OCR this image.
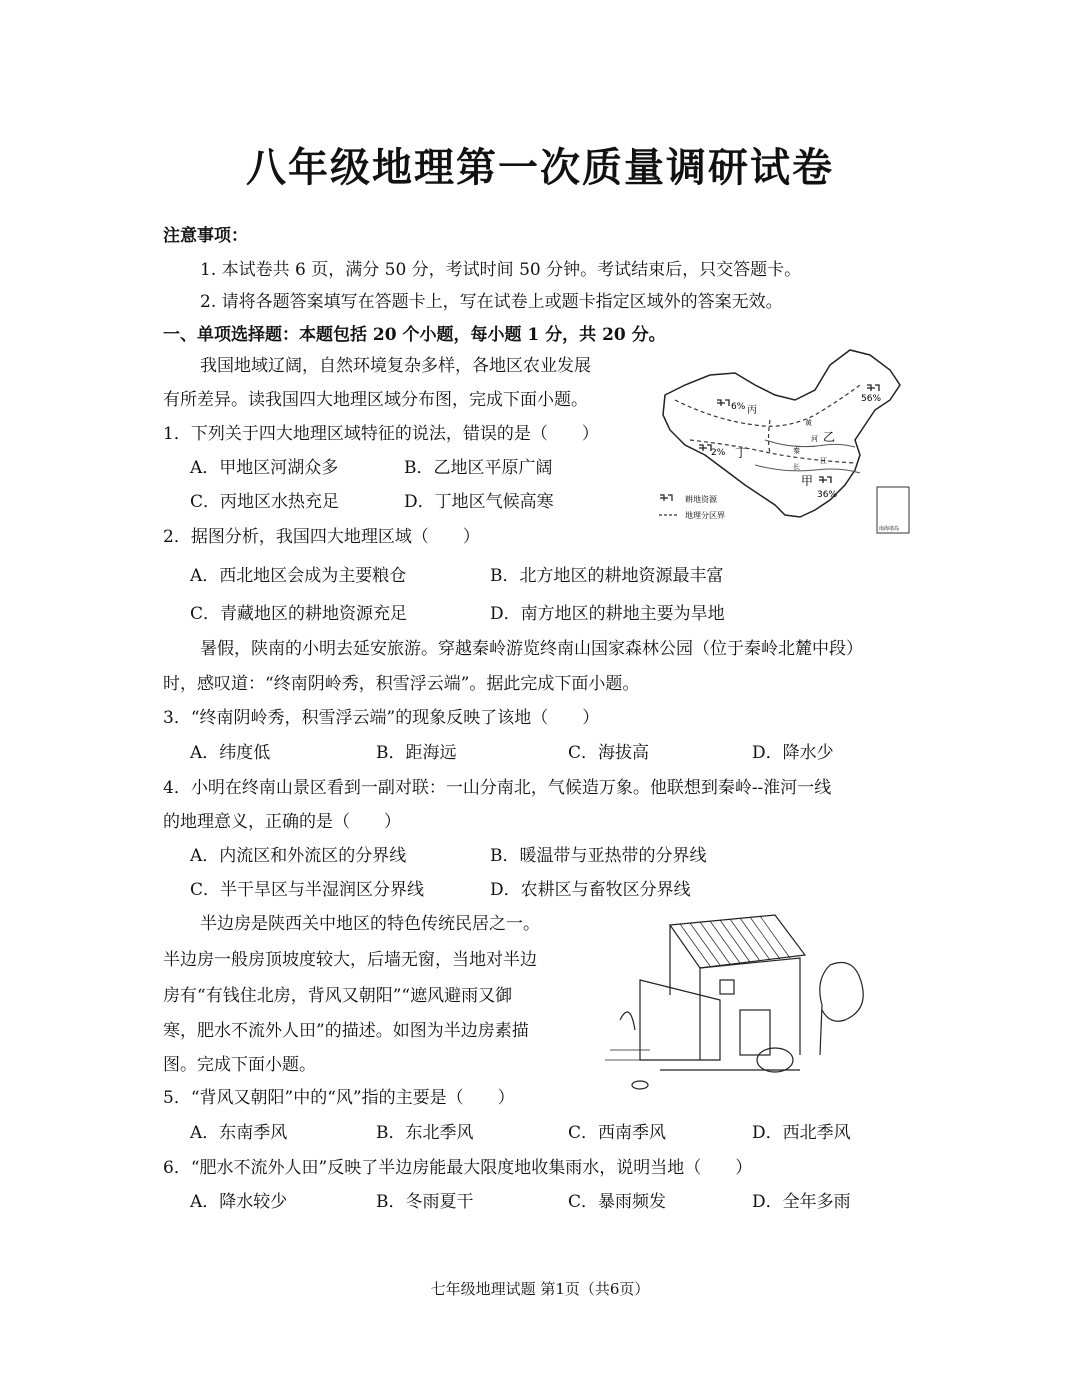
八年级地理第一次质量调研试卷
注意事项：
1. 本试卷共 6 页，满分 50 分，考试时间 50 分钟。考试结束后，只交答题卡。
2. 请将各题答案填写在答题卡上，写在试卷上或题卡指定区域外的答案无效。
一、单项选择题：本题包括 20 个小题，每小题 1 分，共 20 分。
我国地域辽阔，自然环境复杂多样，各地区农业发展
有所差异。读我国四大地理区域分布图，完成下面小题。	6%
56%
2%
36%
丙
乙
丁
甲
黄
河
秦
长
江
耕地资源
地理分区界
南海诸岛
1．下列关于四大地理区域特征的说法，错误的是（　　）
A．甲地区河湖众多	B．乙地区平原广阔
C．丙地区水热充足	D．丁地区气候高寒
2．据图分析，我国四大地理区域（　　）
A．西北地区会成为主要粮仓	B．北方地区的耕地资源最丰富
C．青藏地区的耕地资源充足	D．南方地区的耕地主要为旱地
暑假，陕南的小明去延安旅游。穿越秦岭游览终南山国家森林公园（位于秦岭北麓中段）
时，感叹道：“终南阴岭秀，积雪浮云端”。据此完成下面小题。
3．“终南阴岭秀，积雪浮云端”的现象反映了该地（　　）
A．纬度低	B．距海远	C．海拔高	D．降水少
4．小明在终南山景区看到一副对联：一山分南北，气候造万象。他联想到秦岭--淮河一线
的地理意义，正确的是（　　）
A．内流区和外流区的分界线	B．暖温带与亚热带的分界线
C．半干旱区与半湿润区分界线	D．农耕区与畜牧区分界线
半边房是陕西关中地区的特色传统民居之一。
半边房一般房顶坡度较大，后墙无窗，当地对半边
房有“有钱住北房，背风又朝阳”“遮风避雨又御
寒，肥水不流外人田”的描述。如图为半边房素描
图。完成下面小题。
5．“背风又朝阳”中的“风”指的主要是（　　）
A．东南季风	B．东北季风	C．西南季风	D．西北季风
6．“肥水不流外人田”反映了半边房能最大限度地收集雨水，说明当地（　　）
A．降水较少	B．冬雨夏干	C．暴雨频发	D．全年多雨
七年级地理试题 第1页（共6页）
